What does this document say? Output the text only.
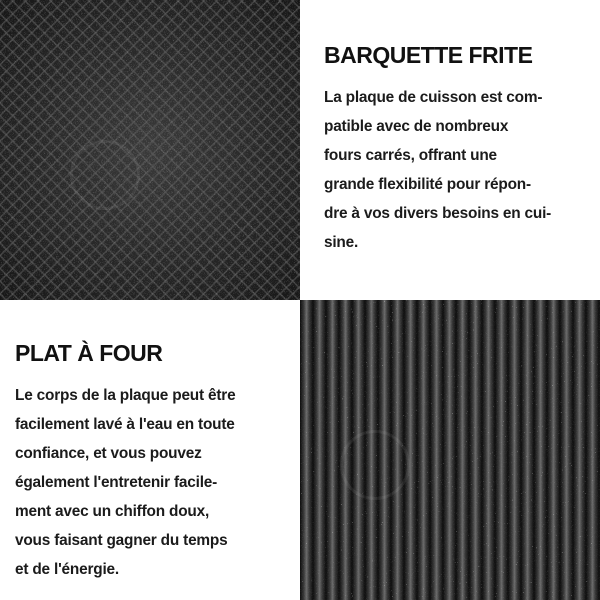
BARQUETTE FRITE

La plaque de cuisson est com-
patible avec de nombreux
fours carrés, offrant une
grande flexibilité pour répon-
dre à vos divers besoins en cui-
sine.

PLAT À FOUR

Le corps de la plaque peut être
facilement lavé à l'eau en toute
confiance, et vous pouvez
également l'entretenir facile-
ment avec un chiffon doux,
vous faisant gagner du temps
et de l'énergie.
